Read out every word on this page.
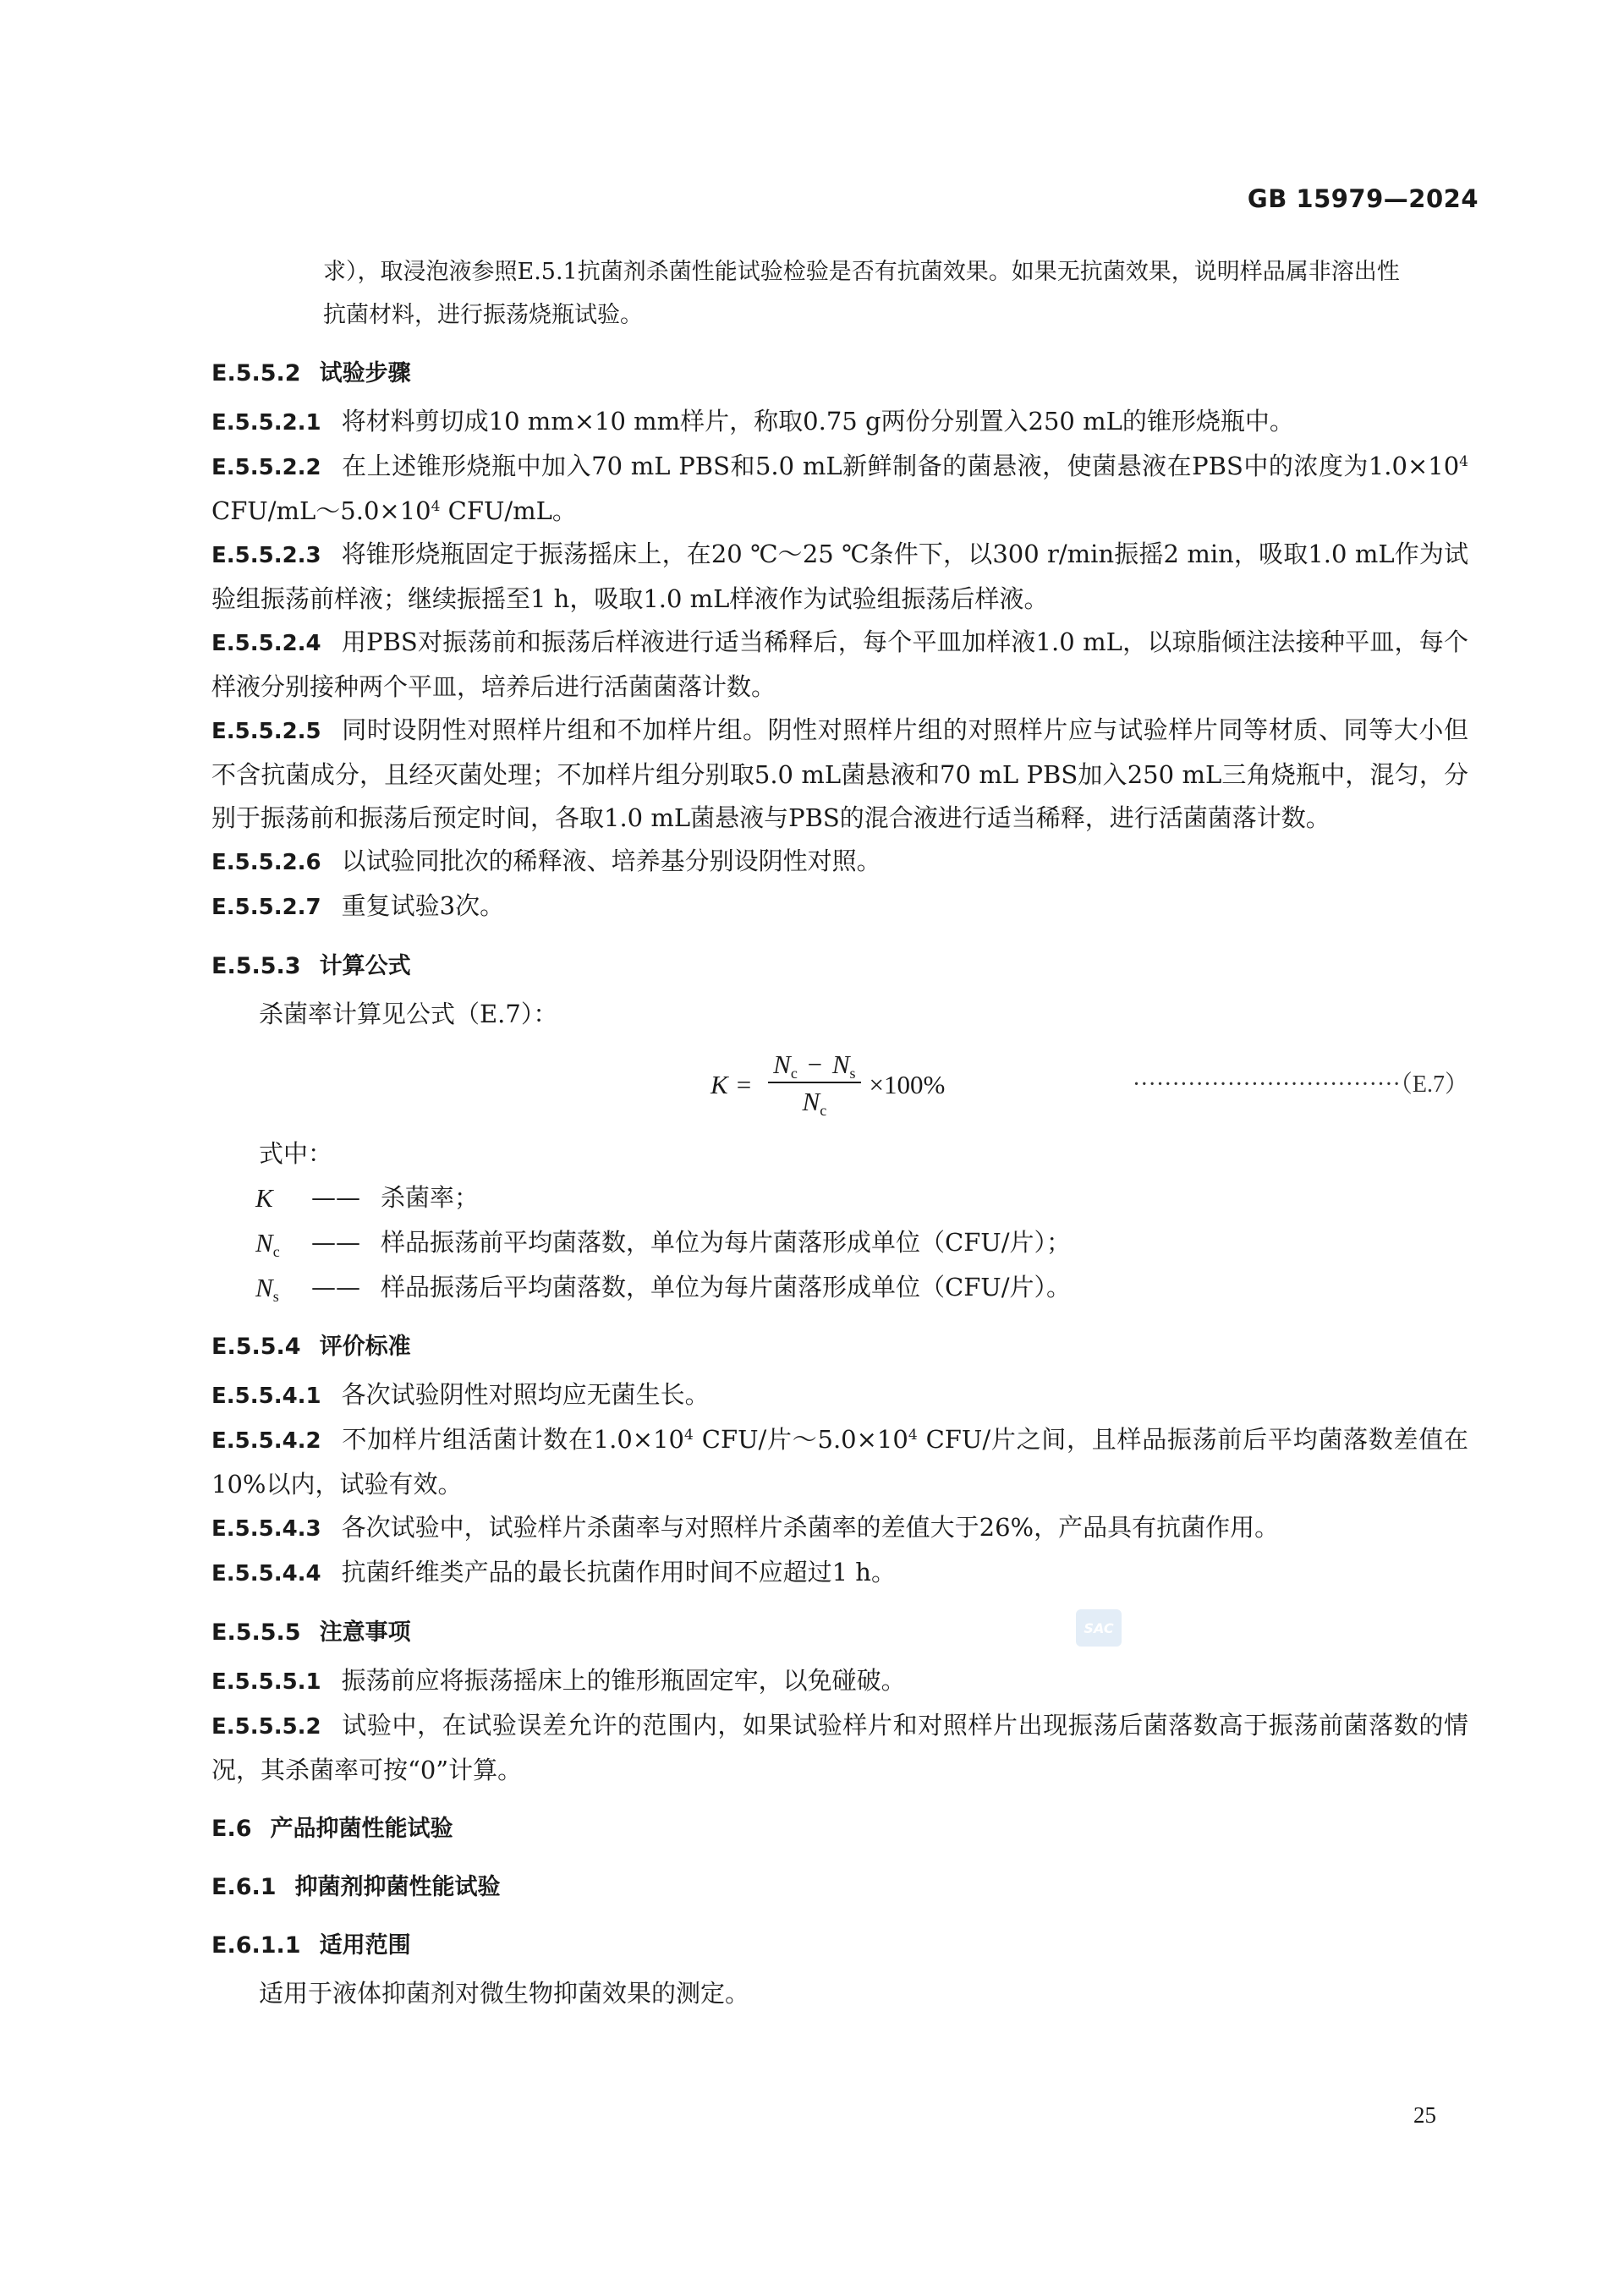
GB 15979—2024

求），取浸泡液参照E.5.1抗菌剂杀菌性能试验检验是否有抗菌效果。如果无抗菌效果，说明样品属非溶出性
抗菌材料，进行振荡烧瓶试验。

E.5.5.2 试验步骤

E.5.5.2.1 将材料剪切成10 mm×10 mm样片，称取0.75 g两份分别置入250 mL的锥形烧瓶中。

E.5.5.2.2 在上述锥形烧瓶中加入70 mL PBS和5.0 mL新鲜制备的菌悬液，使菌悬液在PBS中的浓度为$1.0\times 10^4$ CFU/$mL\sim 5.0\times 10^4$ CFU/mL。

E.5.5.2.3 将锥形烧瓶固定于振荡摇床上，在20 ℃～25 ℃条件下，以300 r/min振摇2 min，吸取1.0 mL作为试验组振荡前样液；继续振摇至1 h，吸取1.0 mL样液作为试验组振荡后样液。

E.5.5.2.4 用PBS对振荡前和振荡后样液进行适当稀释后，每个平皿加样液1.0 mL，以琼脂倾注法接种平皿，每个样液分别接种两个平皿，培养后进行活菌菌落计数。

E.5.5.2.5 同时设阴性对照样片组和不加样片组。阴性对照样片组的对照样片应与试验样片同等材质、同等大小但不含抗菌成分，且经灭菌处理；不加样片组分别取5.0 mL菌悬液和70 mL PBS加入250 mL三角烧瓶中，混匀，分别于振荡前和振荡后预定时间，各取1.0 mL菌悬液与PBS的混合液进行适当稀释，进行活菌菌落计数。

E.5.5.2.6 以试验同批次的稀释液、培养基分别设阴性对照。

E.5.5.2.7 重复试验3次。

E.5.5.3 计算公式

杀菌率计算见公式（E.7）：

$K = \frac{Nc - Ns}{Nc} \times 100\%$	··································（E.7）

式中：

K	—— 杀菌率；
Nc	—— 样品振荡前平均菌落数，单位为每片菌落形成单位（CFU/片）；
Ns	—— 样品振荡后平均菌落数，单位为每片菌落形成单位（CFU/片）。
E.5.5.4 评价标准

E.5.5.4.1 各次试验阴性对照均应无菌生长。

E.5.5.4.2 不加样片组活菌计数在$1.0\times 10^4$ CFU/片$\sim 5.0\times 10^4$ CFU/片之间，且样品振荡前后平均菌落数差值在10%以内，试验有效。

E.5.5.4.3 各次试验中，试验样片杀菌率与对照样片杀菌率的差值大于26%，产品具有抗菌作用。

E.5.5.4.4 抗菌纤维类产品的最长抗菌作用时间不应超过1 h。

E.5.5.5 注意事项

E.5.5.5.1 振荡前应将振荡摇床上的锥形瓶固定牢，以免碰破。

E.5.5.5.2 试验中，在试验误差允许的范围内，如果试验样片和对照样片出现振荡后菌落数高于振荡前菌落数的情况，其杀菌率可按“0”计算。

E.6 产品抑菌性能试验
E.6.1 抑菌剂抑菌性能试验
E.6.1.1 适用范围

适用于液体抑菌剂对微生物抑菌效果的测定。

SAC
25
